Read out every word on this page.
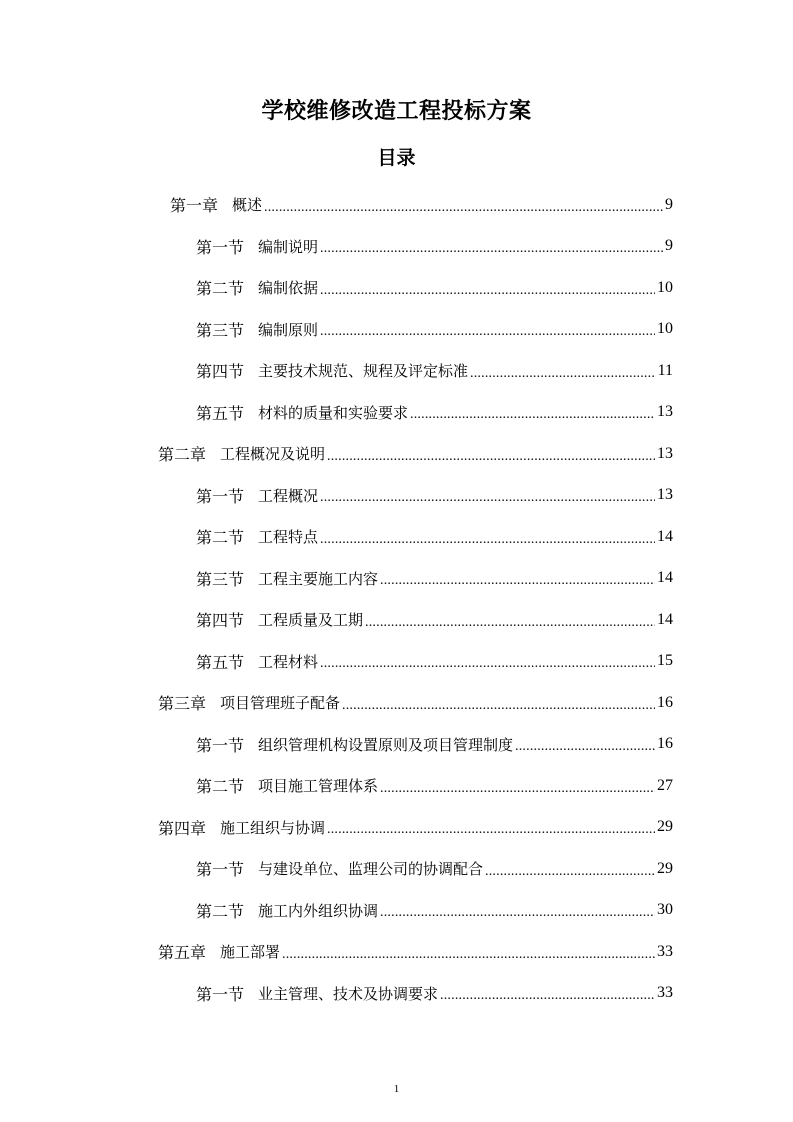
学校维修改造工程投标方案
目录
第一章 概述 .....	9
第一节 编制说明 .....	9
第二节 编制依据 .....	10
第三节 编制原则 .....	10
第四节 主要技术规范、规程及评定标准 .....	11
第五节 材料的质量和实验要求 .....	13
第二章 工程概况及说明 .....	13
第一节 工程概况 .....	13
第二节 工程特点 .....	14
第三节 工程主要施工内容 .....	14
第四节 工程质量及工期 .....	14
第五节 工程材料 .....	15
第三章 项目管理班子配备 .....	16
第一节 组织管理机构设置原则及项目管理制度 .....	16
第二节 项目施工管理体系 .....	27
第四章 施工组织与协调 .....	29
第一节 与建设单位、监理公司的协调配合 .....	29
第二节 施工内外组织协调 .....	30
第五章 施工部署 .....	33
第一节 业主管理、技术及协调要求 .....	33
1
